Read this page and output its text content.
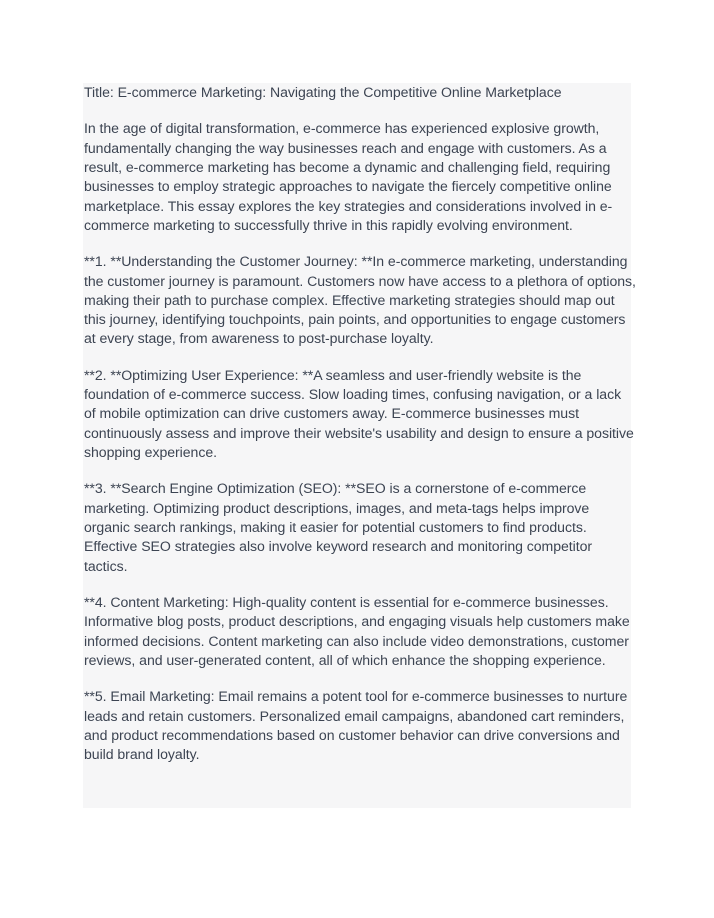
Title: E-commerce Marketing: Navigating the Competitive Online Marketplace

In the age of digital transformation, e-commerce has experienced explosive growth, fundamentally changing the way businesses reach and engage with customers. As a result, e-commerce marketing has become a dynamic and challenging field, requiring businesses to employ strategic approaches to navigate the fiercely competitive online marketplace. This essay explores the key strategies and considerations involved in e-commerce marketing to successfully thrive in this rapidly evolving environment.

**1. **Understanding the Customer Journey: **In e-commerce marketing, understanding the customer journey is paramount. Customers now have access to a plethora of options, making their path to purchase complex. Effective marketing strategies should map out this journey, identifying touchpoints, pain points, and opportunities to engage customers at every stage, from awareness to post-purchase loyalty.

**2. **Optimizing User Experience: **A seamless and user-friendly website is the foundation of e-commerce success. Slow loading times, confusing navigation, or a lack of mobile optimization can drive customers away. E-commerce businesses must continuously assess and improve their website's usability and design to ensure a positive shopping experience.

**3. **Search Engine Optimization (SEO): **SEO is a cornerstone of e-commerce marketing. Optimizing product descriptions, images, and meta-tags helps improve organic search rankings, making it easier for potential customers to find products. Effective SEO strategies also involve keyword research and monitoring competitor tactics.

**4. Content Marketing: High-quality content is essential for e-commerce businesses. Informative blog posts, product descriptions, and engaging visuals help customers make informed decisions. Content marketing can also include video demonstrations, customer reviews, and user-generated content, all of which enhance the shopping experience.

**5. Email Marketing: Email remains a potent tool for e-commerce businesses to nurture leads and retain customers. Personalized email campaigns, abandoned cart reminders, and product recommendations based on customer behavior can drive conversions and build brand loyalty.
